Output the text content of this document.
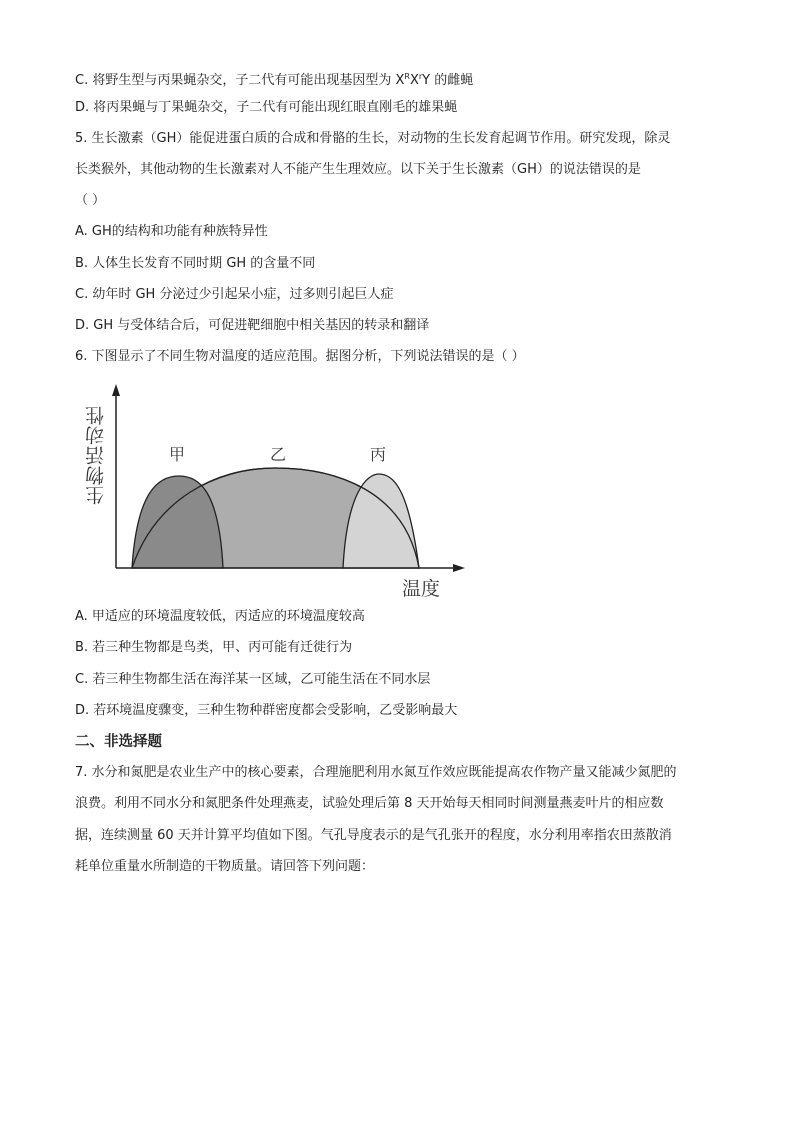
C. 将野生型与丙果蝇杂交，子二代有可能出现基因型为 $X^RX^rY$ 的雌蝇
D. 将丙果蝇与丁果蝇杂交，子二代有可能出现红眼直刚毛的雄果蝇
5. 生长激素（GH）能促进蛋白质的合成和骨骼的生长，对动物的生长发育起调节作用。研究发现，除灵
长类猴外，其他动物的生长激素对人不能产生生理效应。以下关于生长激素（GH）的说法错误的是
（ ）
A. GH的结构和功能有种族特异性
B. 人体生长发育不同时期 GH 的含量不同
C. 幼年时 GH 分泌过少引起呆小症，过多则引起巨人症
D. GH 与受体结合后，可促进靶细胞中相关基因的转录和翻译
6. 下图显示了不同生物对温度的适应范围。据图分析，下列说法错误的是（ ）
生物活动性
温度
甲	乙	丙
A. 甲适应的环境温度较低，丙适应的环境温度较高
B. 若三种生物都是鸟类，甲、丙可能有迁徙行为
C. 若三种生物都生活在海洋某一区域，乙可能生活在不同水层
D. 若环境温度骤变，三种生物种群密度都会受影响，乙受影响最大
二、非选择题
7. 水分和氮肥是农业生产中的核心要素，合理施肥利用水氮互作效应既能提高农作物产量又能减少氮肥的
浪费。利用不同水分和氮肥条件处理燕麦，试验处理后第 8 天开始每天相同时间测量燕麦叶片的相应数
据，连续测量 60 天并计算平均值如下图。气孔导度表示的是气孔张开的程度，水分利用率指农田蒸散消
耗单位重量水所制造的干物质量。请回答下列问题：
